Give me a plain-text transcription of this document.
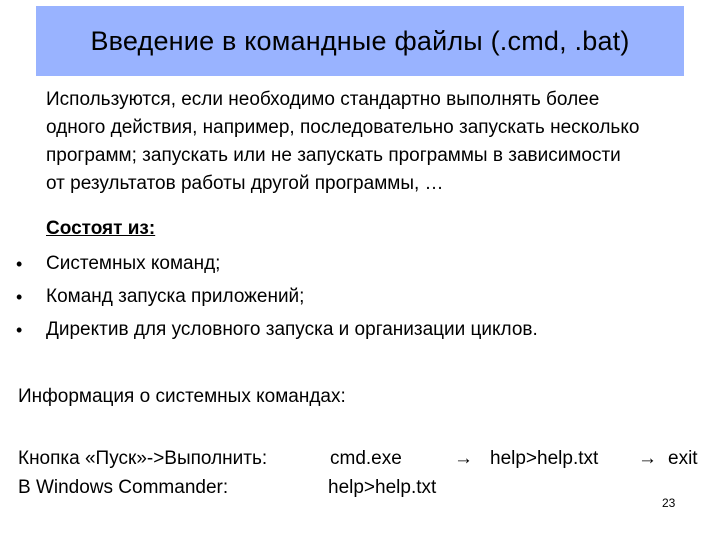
Введение в командные файлы (.cmd, .bat)
Используются, если необходимо стандартно выполнять более
одного действия, например, последовательно запускать несколько
программ; запускать или не запускать программы в зависимости
от результатов работы другой программы, …
Состоят из:
• Системных команд;
• Команд запуска приложений;
• Директив для условного запуска и организации циклов.
Информация о системных командах:
Кнопка «Пуск»->Выполнить:	cmd.exe	→ help>help.txt → exit
В Windows Commander:	help>help.txt
23
